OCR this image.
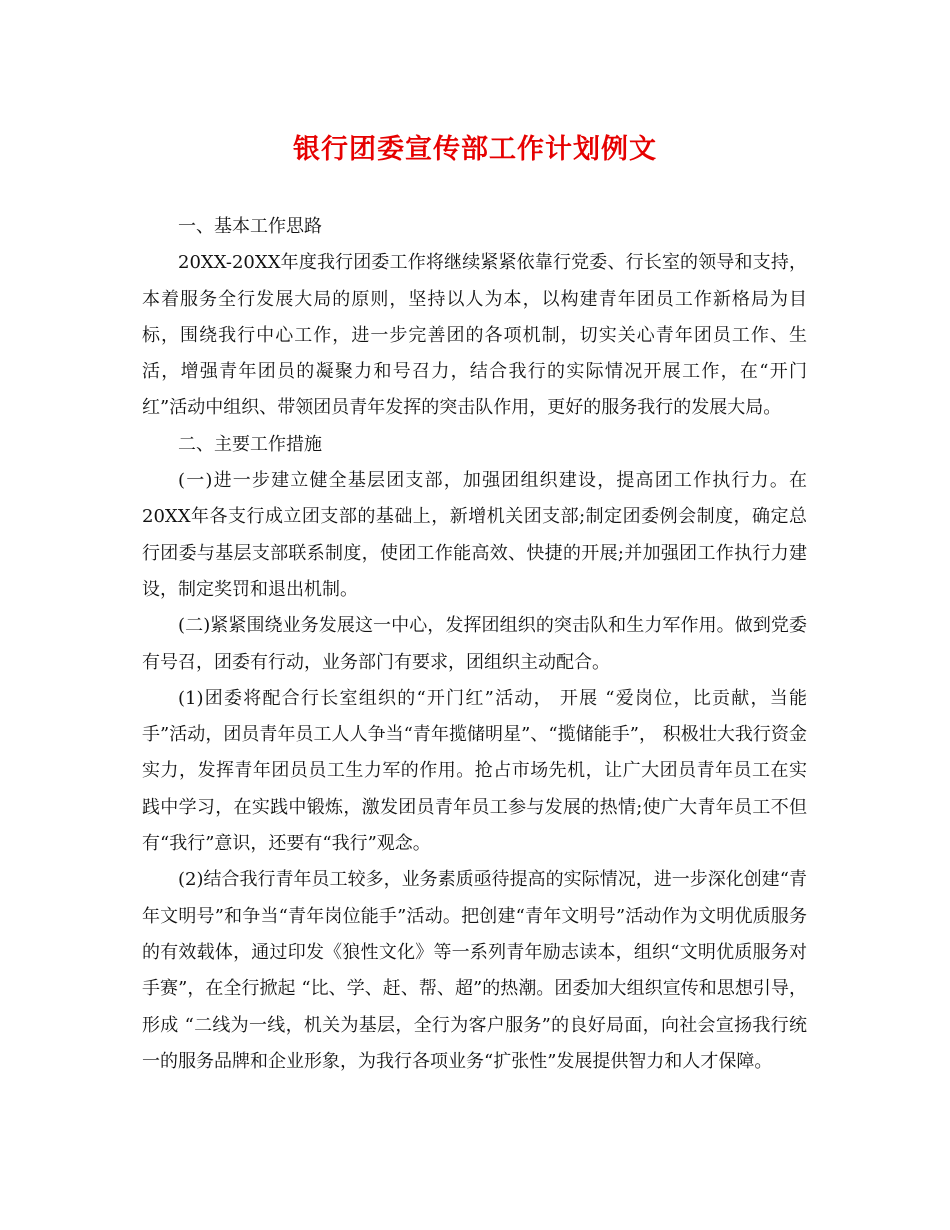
银行团委宣传部工作计划例文

一、基本工作思路

20XX-20XX年度我行团委工作将继续紧紧依靠行党委、行长室的领导和支持，本着服务全行发展大局的原则，坚持以人为本，以构建青年团员工作新格局为目标，围绕我行中心工作，进一步完善团的各项机制，切实关心青年团员工作、生活，增强青年团员的凝聚力和号召力，结合我行的实际情况开展工作，在“开门红”活动中组织、带领团员青年发挥的突击队作用，更好的服务我行的发展大局。

二、主要工作措施

(一)进一步建立健全基层团支部，加强团组织建设，提高团工作执行力。在20XX年各支行成立团支部的基础上，新增机关团支部;制定团委例会制度，确定总行团委与基层支部联系制度，使团工作能高效、快捷的开展;并加强团工作执行力建设，制定奖罚和退出机制。

(二)紧紧围绕业务发展这一中心，发挥团组织的突击队和生力军作用。做到党委有号召，团委有行动，业务部门有要求，团组织主动配合。

(1)团委将配合行长室组织的“开门红”活动， 开展 “爱岗位，比贡献，当能手”活动，团员青年员工人人争当“青年揽储明星”、“揽储能手”， 积极壮大我行资金实力，发挥青年团员员工生力军的作用。抢占市场先机，让广大团员青年员工在实践中学习，在实践中锻炼，激发团员青年员工参与发展的热情;使广大青年员工不但有“我行”意识，还要有“我行”观念。

(2)结合我行青年员工较多，业务素质亟待提高的实际情况，进一步深化创建“青年文明号”和争当“青年岗位能手”活动。把创建“青年文明号”活动作为文明优质服务的有效载体，通过印发《狼性文化》等一系列青年励志读本，组织“文明优质服务对手赛”，在全行掀起 “比、学、赶、帮、超”的热潮。团委加大组织宣传和思想引导，形成 “二线为一线，机关为基层，全行为客户服务”的良好局面，向社会宣扬我行统一的服务品牌和企业形象，为我行各项业务“扩张性”发展提供智力和人才保障。
